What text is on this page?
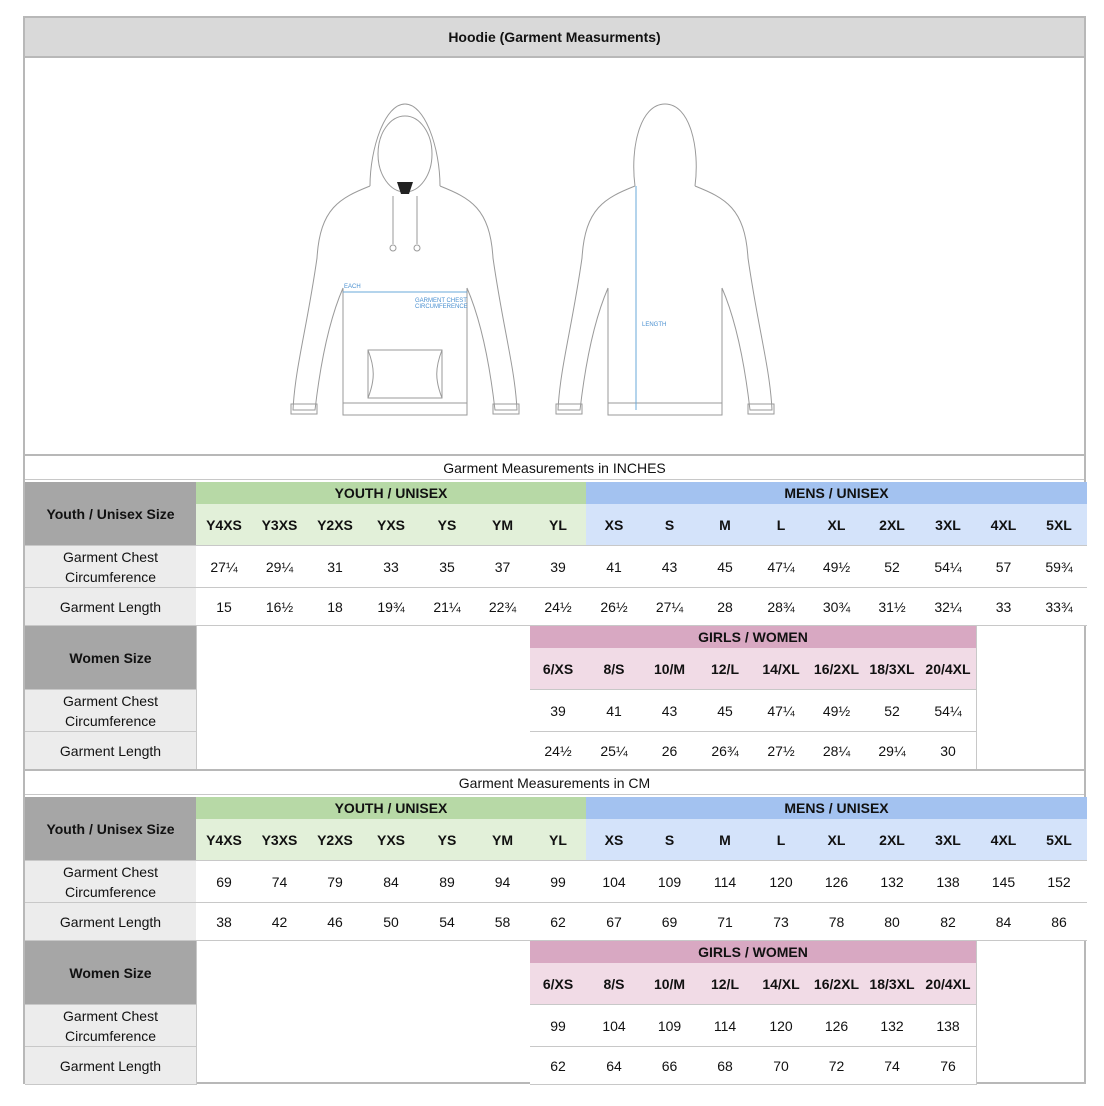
Hoodie (Garment Measurments)
EACH
GARMENT CHEST
CIRCUMFERENCE
LENGTH
Garment Measurements in INCHES
Youth / Unisex Size
YOUTH / UNISEX	MENS / UNISEX
Y4XS	Y3XS	Y2XS	YXS	YS	YM	YL	XS	S	M	L	XL	2XL	3XL	4XL	5XL
Garment Chest Circumference
27¼	29¼	31	33	35	37	39	41	43	45	47¼	49½	52	54¼	57	59¾
Garment Length	15	16½	18	19¾	21¼	22¾	24½	26½	27¼	28	28¾	30¾	31½	32¼	33	33¾
Women Size
GIRLS / WOMEN
6/XS	8/S	10/M	12/L	14/XL	16/2XL 18/3XL 20/4XL
Garment Chest Circumference
39	41	43	45	47¼	49½	52	54¼
Garment Length	24½	25¼	26	26¾	27½	28¼	29¼	30
Garment Measurements in CM
Youth / Unisex Size
YOUTH / UNISEX	MENS / UNISEX
Y4XS	Y3XS	Y2XS	YXS	YS	YM	YL	XS	S	M	L	XL	2XL	3XL	4XL	5XL
Garment Chest Circumference
69	74	79	84	89	94	99	104	109	114	120	126	132	138	145	152
Garment Length	38	42	46	50	54	58	62	67	69	71	73	78	80	82	84	86
Women Size
GIRLS / WOMEN
6/XS	8/S	10/M	12/L	14/XL	16/2XL 18/3XL 20/4XL
Garment Chest Circumference
99	104	109	114	120	126	132	138
Garment Length	62	64	66	68	70	72	74	76
